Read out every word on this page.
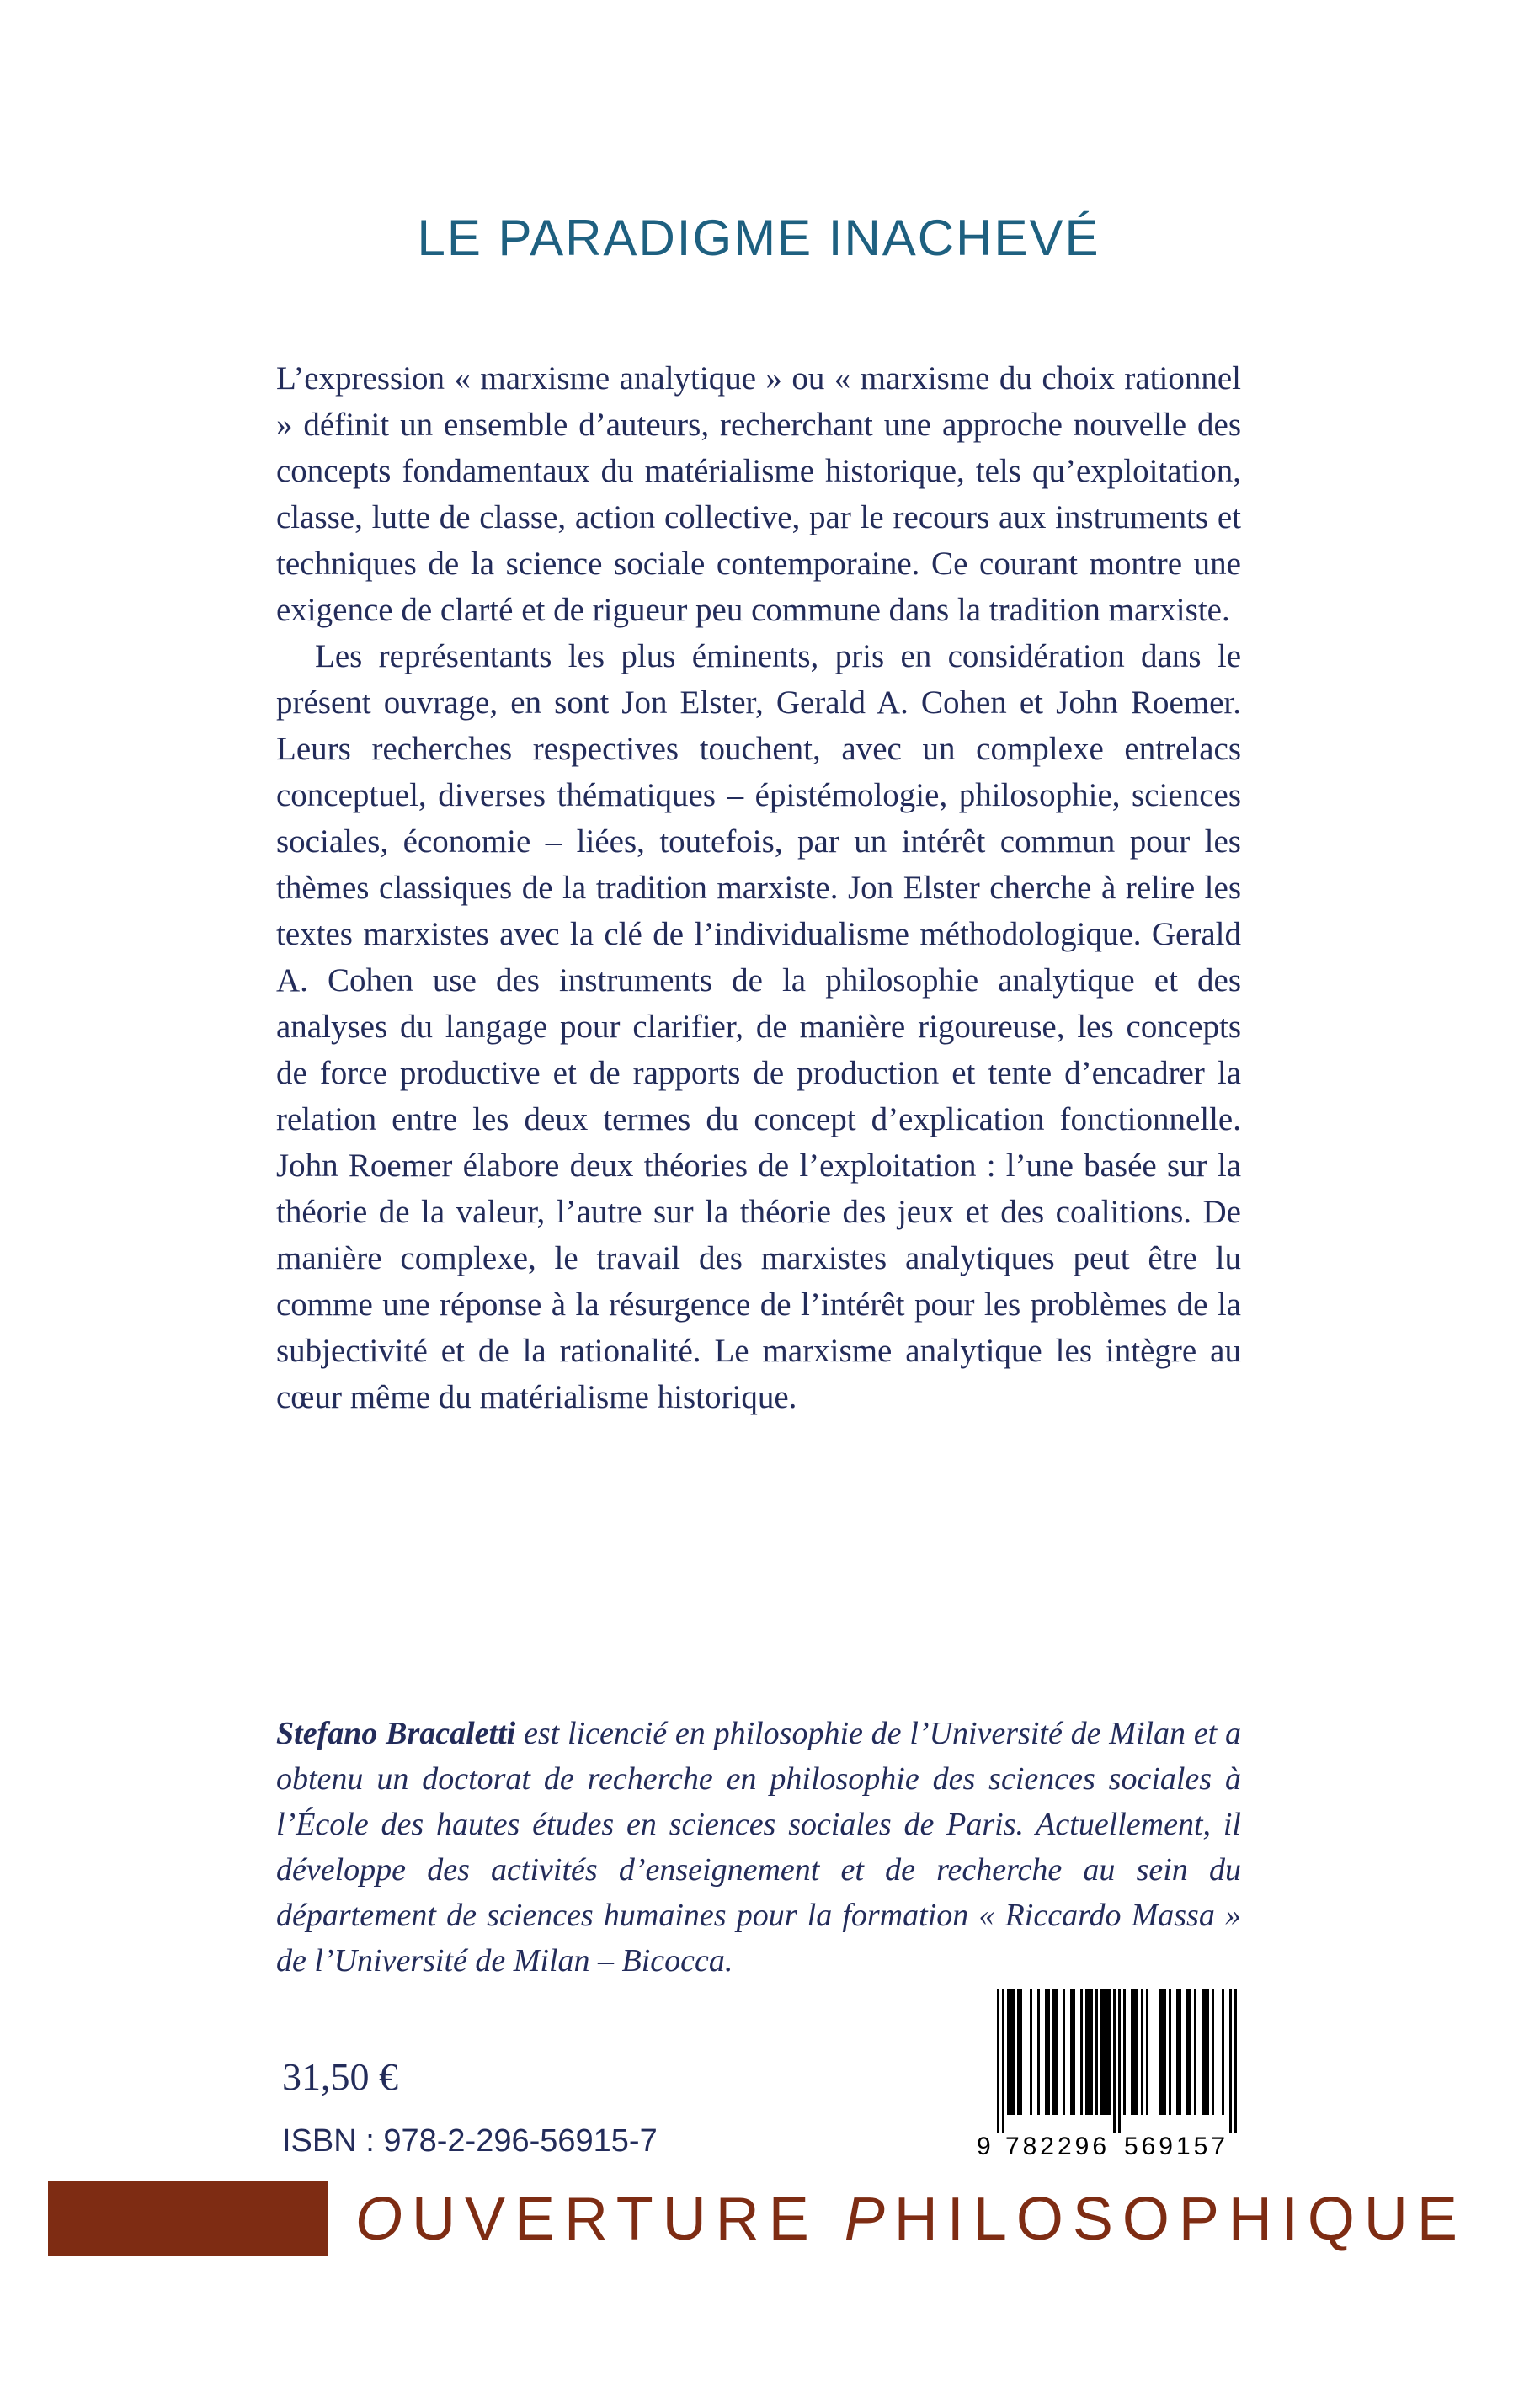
LE PARADIGME INACHEVÉ

L’expression « marxisme analytique » ou « marxisme du choix rationnel » définit un ensemble d’auteurs, recherchant une approche nouvelle des concepts fondamentaux du matérialisme historique, tels qu’exploitation, classe, lutte de classe, action collective, par le recours aux instruments et techniques de la science sociale contemporaine. Ce courant montre une exigence de clarté et de rigueur peu commune dans la tradition marxiste.

Les représentants les plus éminents, pris en considération dans le présent ouvrage, en sont Jon Elster, Gerald A. Cohen et John Roemer. Leurs recherches respectives touchent, avec un complexe entrelacs conceptuel, diverses thématiques – épistémologie, philosophie, sciences sociales, économie – liées, toutefois, par un intérêt commun pour les thèmes classiques de la tradition marxiste. Jon Elster cherche à relire les textes marxistes avec la clé de l’individualisme méthodologique. Gerald A. Cohen use des instruments de la philosophie analytique et des analyses du langage pour clarifier, de manière rigoureuse, les concepts de force productive et de rapports de production et tente d’encadrer la relation entre les deux termes du concept d’explication fonctionnelle. John Roemer élabore deux théories de l’exploitation : l’une basée sur la théorie de la valeur, l’autre sur la théorie des jeux et des coalitions. De manière complexe, le travail des marxistes analytiques peut être lu comme une réponse à la résurgence de l’intérêt pour les problèmes de la subjectivité et de la rationalité. Le marxisme analytique les intègre au cœur même du matérialisme historique.

Stefano Bracaletti est licencié en philosophie de l’Université de Milan et a obtenu un doctorat de recherche en philosophie des sciences sociales à l’École des hautes études en sciences sociales de Paris. Actuellement, il développe des activités d’enseignement et de recherche au sein du département de sciences humaines pour la formation « Riccardo Massa » de l’Université de Milan – Bicocca.

31,50 €
ISBN : 978-2-296-56915-7	9 782296 569157
OUVERTURE PHILOSOPHIQUE
